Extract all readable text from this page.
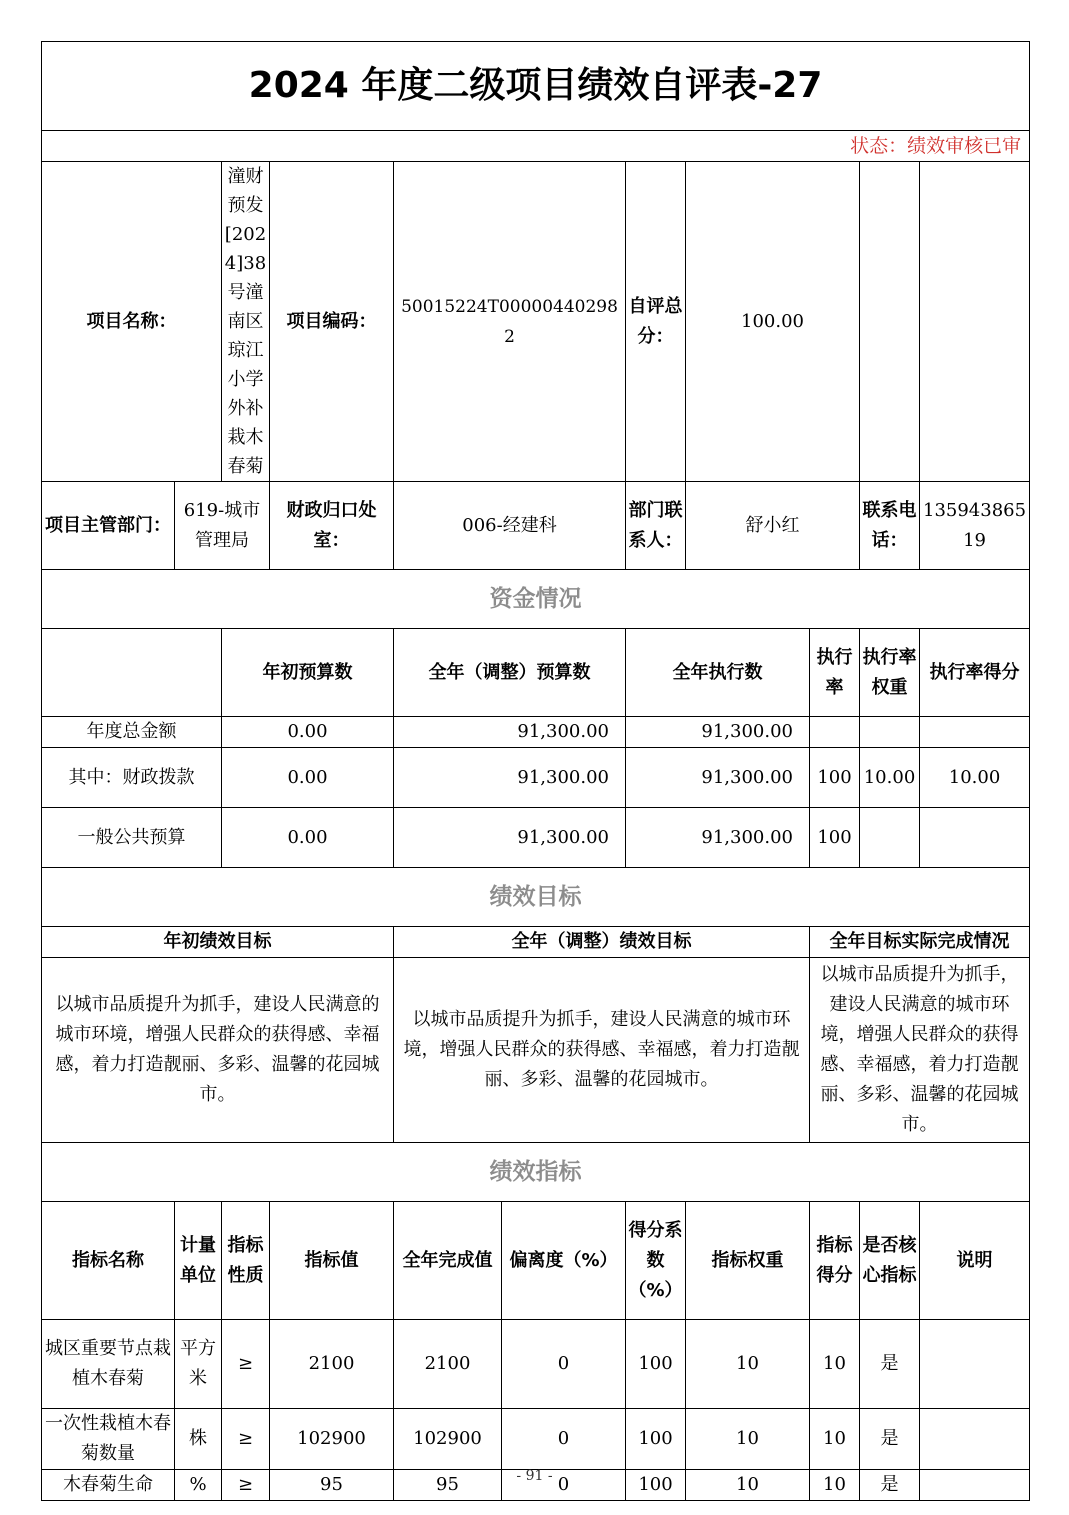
2024 年度二级项目绩效自评表-27										
状态：绩效审核已审										
项目名称：		潼财预发[2024]38 号潼南区琼江小学外补栽木春菊	项目编码：	50015224T000004402982		自评总分：	100.00			
项目主管部门：	619-城市管理局		财政归口处室：	006-经建科		部门联系人：	舒小红		联系电话：	13594386519
资金情况										
		年初预算数		全年（调整）预算数		全年执行数		执行率	执行率权重	执行率得分
年度总金额		0.00		91,300.00		91,300.00				
其中：财政拨款		0.00		91,300.00		91,300.00		100	10.00	10.00
一般公共预算		0.00		91,300.00		91,300.00		100		
绩效目标										
年初绩效目标				全年（调整）绩效目标				全年目标实际完成情况		
以城市品质提升为抓手，建设人民满意的城市环境，增强人民群众的获得感、幸福感，着力打造靓丽、多彩、温馨的花园城市。				以城市品质提升为抓手，建设人民满意的城市环境，增强人民群众的获得感、幸福感，着力打造靓丽、多彩、温馨的花园城市。				以城市品质提升为抓手，建设人民满意的城市环境，增强人民群众的获得感、幸福感，着力打造靓丽、多彩、温馨的花园城市。		
绩效指标										
指标名称	计量单位	指标性质	指标值	全年完成值	偏离度（%）	得分系数（%）	指标权重	指标得分	是否核心指标	说明
城区重要节点栽植木春菊	平方米	≥	2100	2100	0	100	10	10	是	
一次性栽植木春菊数量	株	≥	102900	102900	0	100	10	10	是	
木春菊生命	%	≥	95	95	0	100	10	10	是	
- 91 -
